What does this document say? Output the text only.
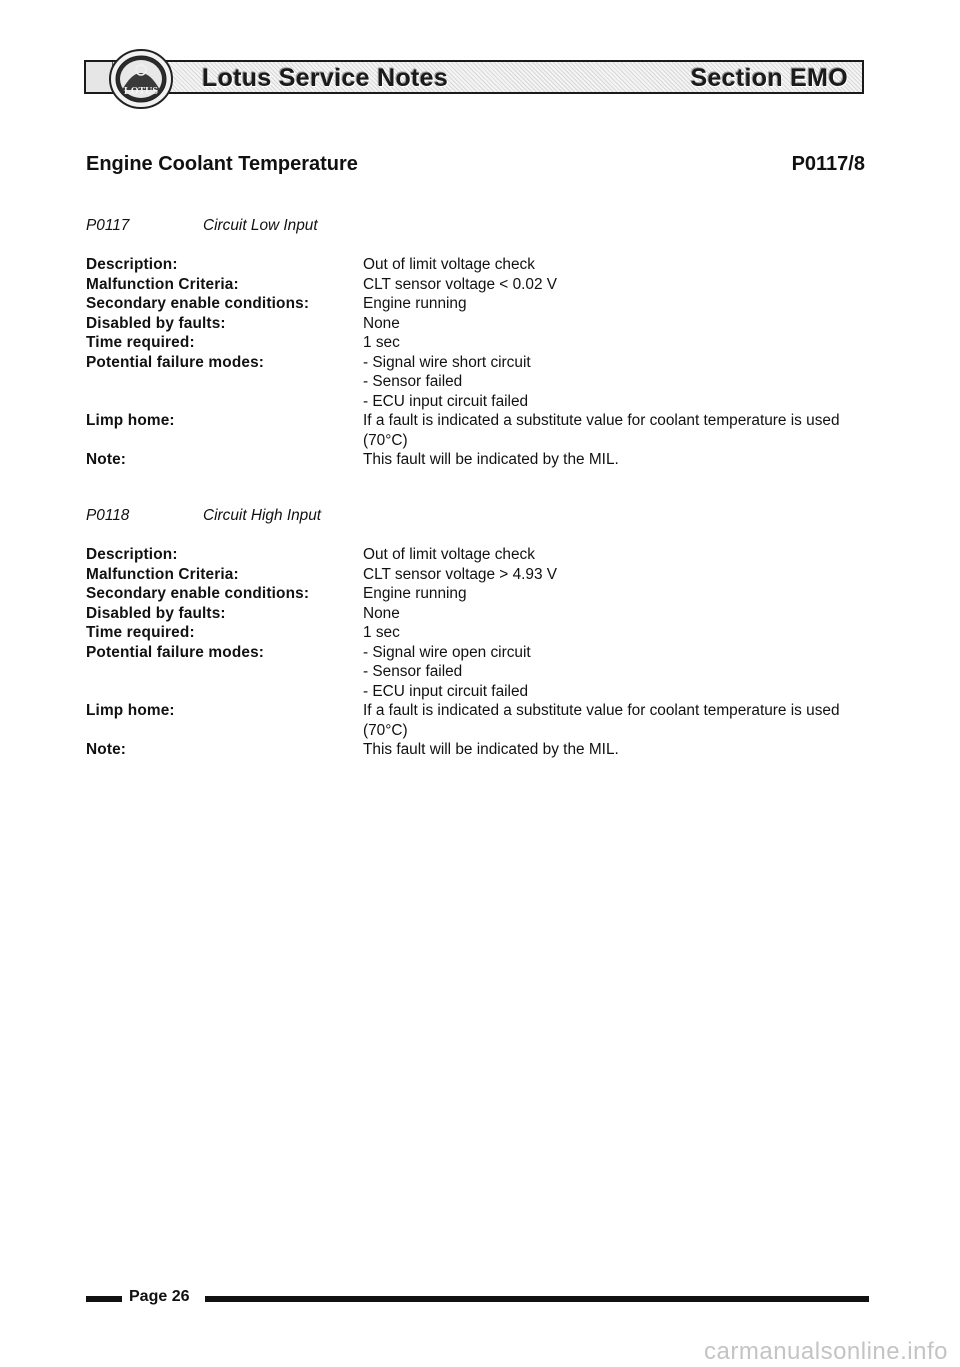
Lotus Service Notes	Section EMO
LOTUS
Engine Coolant Temperature	P0117/8
P0117	Circuit Low Input
Description:	Out of limit voltage check
Malfunction Criteria:	CLT sensor voltage < 0.02 V
Secondary enable conditions:	Engine running
Disabled by faults:	None
Time required:	1 sec
Potential failure modes:	- Signal wire short circuit
- Sensor failed
- ECU input circuit failed
Limp home:	If a fault is indicated a substitute value for coolant temperature is used
(70°C)
Note:	This fault will be indicated by the MIL.
P0118	Circuit High Input
Description:	Out of limit voltage check
Malfunction Criteria:	CLT sensor voltage > 4.93 V
Secondary enable conditions:	Engine running
Disabled by faults:	None
Time required:	1 sec
Potential failure modes:	- Signal wire open circuit
- Sensor failed
- ECU input circuit failed
Limp home:	If a fault is indicated a substitute value for coolant temperature is used
(70°C)
Note:	This fault will be indicated by the MIL.
Page 26
carmanualsonline.info
